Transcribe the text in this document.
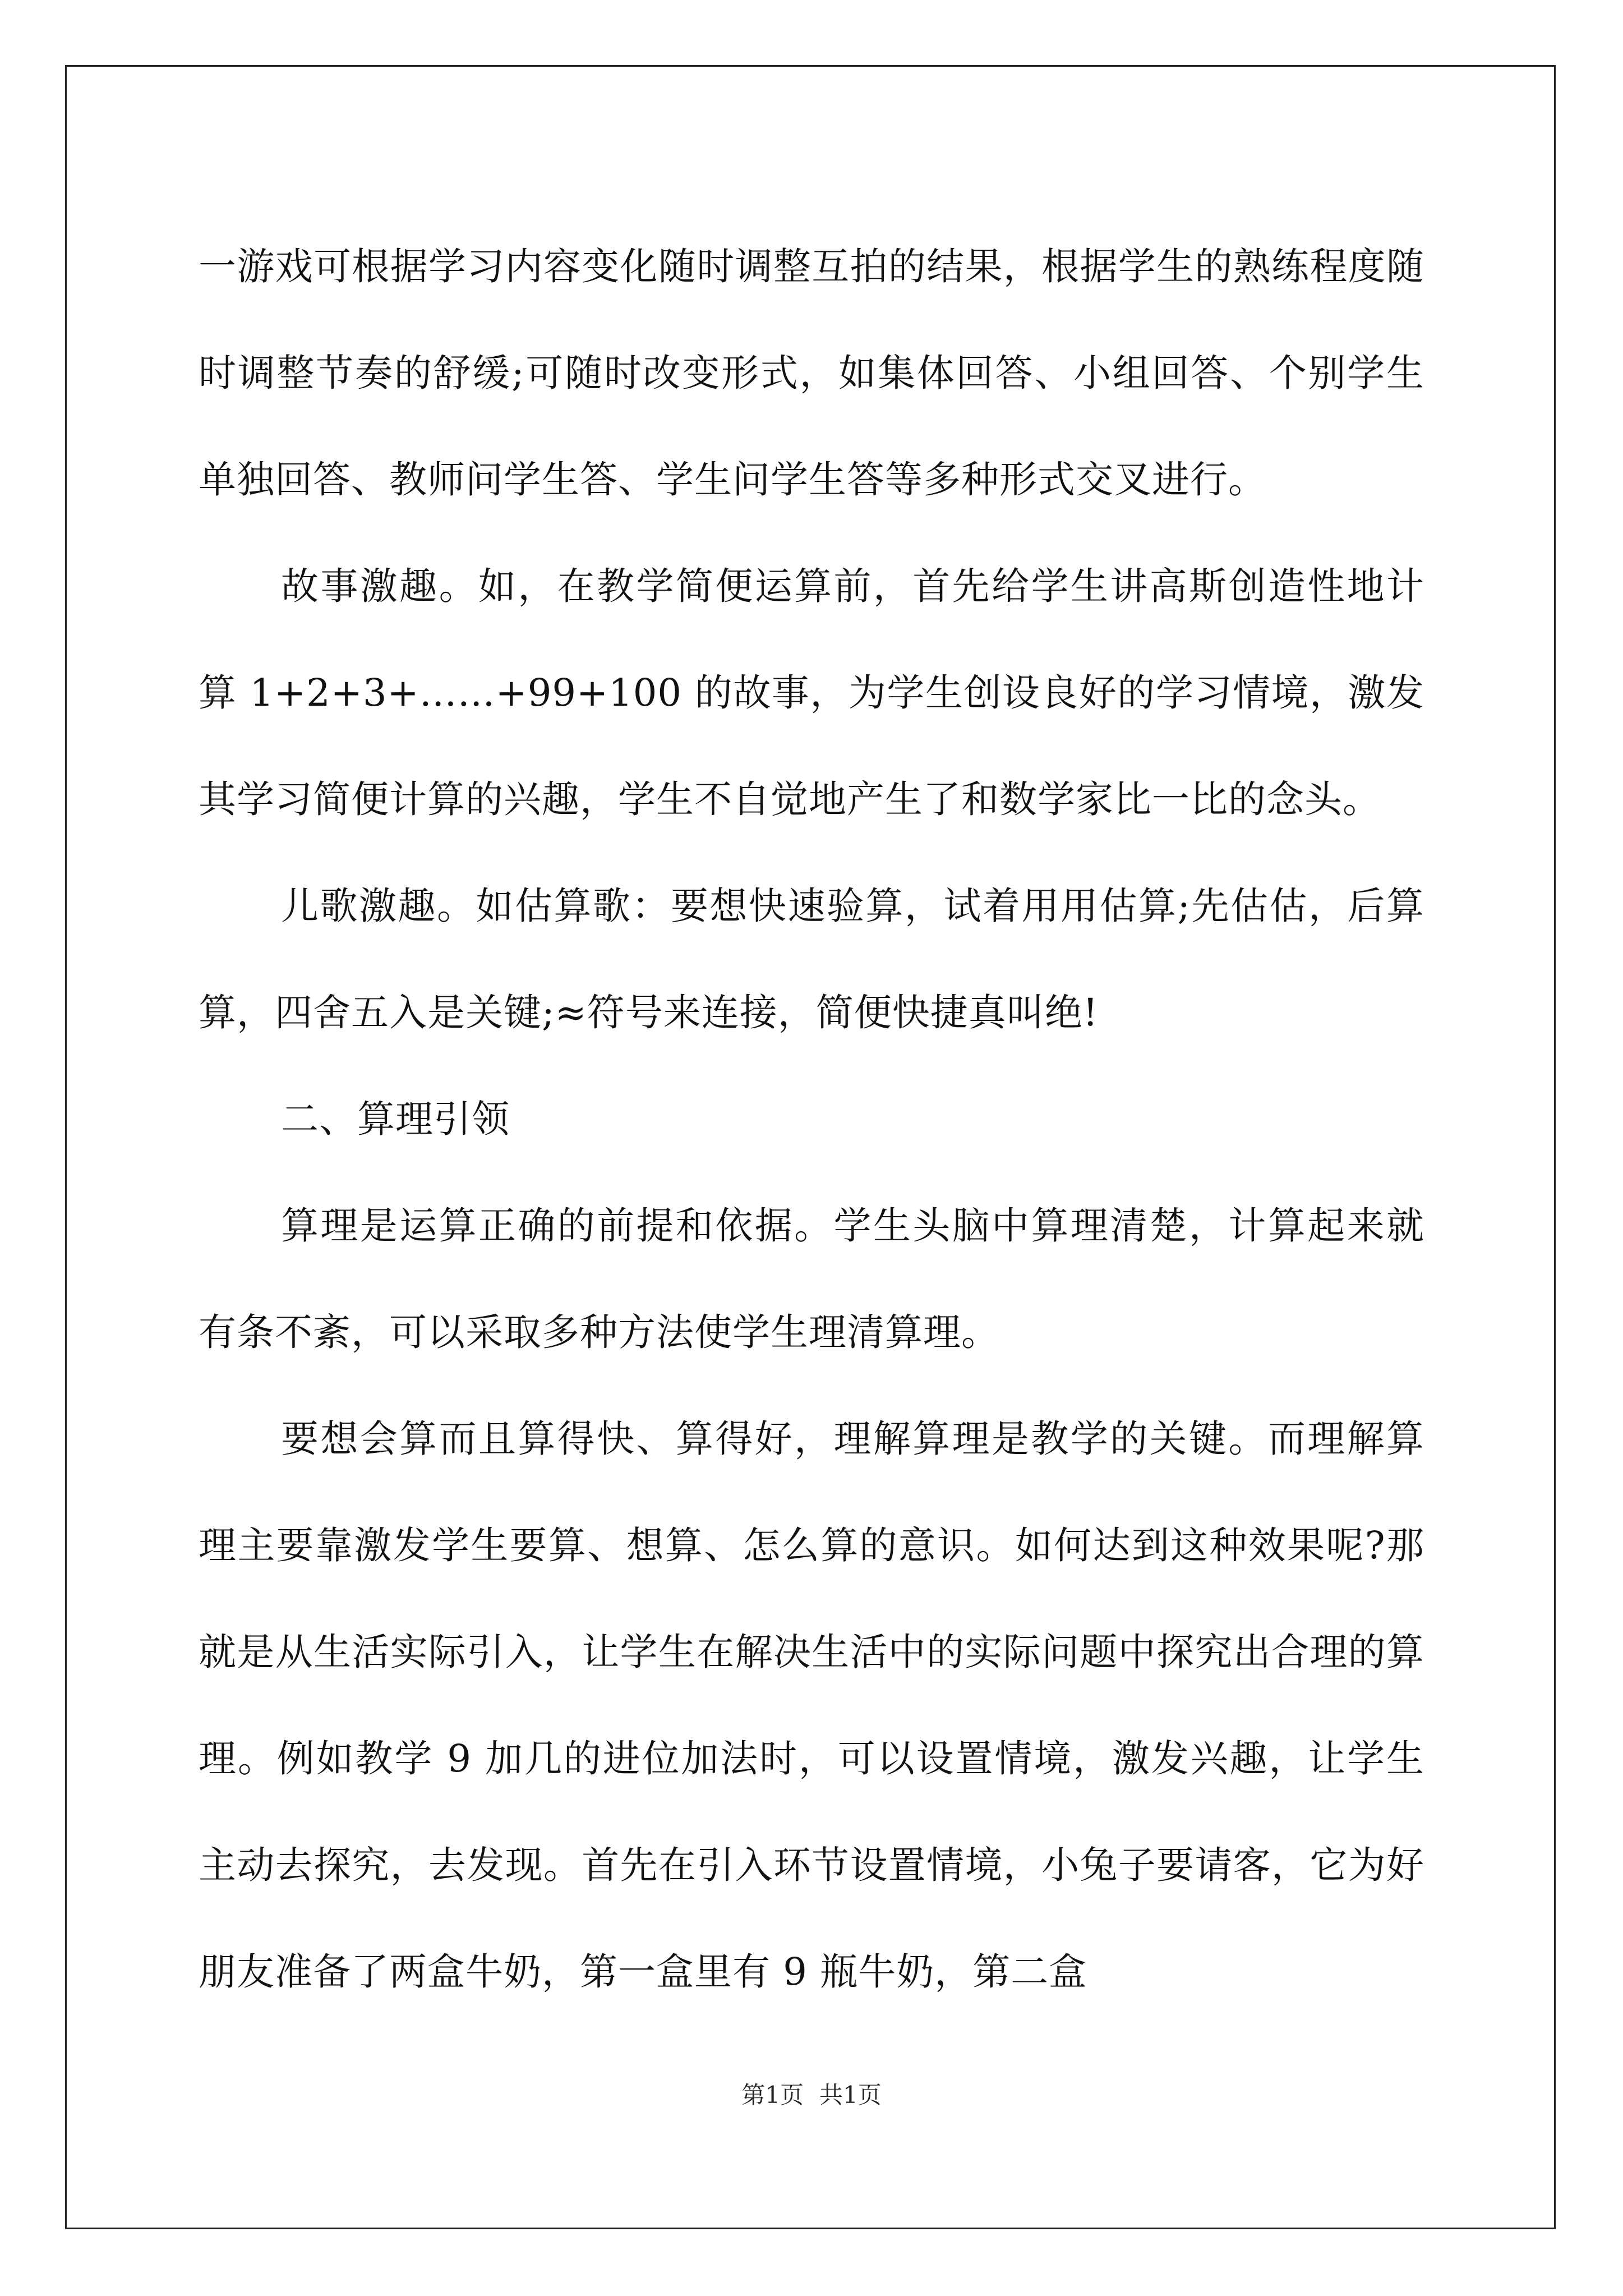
一游戏可根据学习内容变化随时调整互拍的结果，根据学生的熟练程度随时调整节奏的舒缓;可随时改变形式，如集体回答、小组回答、个别学生单独回答、教师问学生答、学生问学生答等多种形式交叉进行。

故事激趣。如，在教学简便运算前，首先给学生讲高斯创造性地计算 1+2+3+……+99+100 的故事，为学生创设良好的学习情境，激发其学习简便计算的兴趣，学生不自觉地产生了和数学家比一比的念头。

儿歌激趣。如估算歌：要想快速验算，试着用用估算;先估估，后算算，四舍五入是关键;≈符号来连接，简便快捷真叫绝!

二、算理引领

算理是运算正确的前提和依据。学生头脑中算理清楚，计算起来就有条不紊，可以采取多种方法使学生理清算理。

要想会算而且算得快、算得好，理解算理是教学的关键。而理解算理主要靠激发学生要算、想算、怎么算的意识。如何达到这种效果呢?那就是从生活实际引入，让学生在解决生活中的实际问题中探究出合理的算理。例如教学 9 加几的进位加法时，可以设置情境，激发兴趣，让学生主动去探究，去发现。首先在引入环节设置情境，小兔子要请客，它为好朋友准备了两盒牛奶，第一盒里有 9 瓶牛奶，第二盒

第1页 共1页
